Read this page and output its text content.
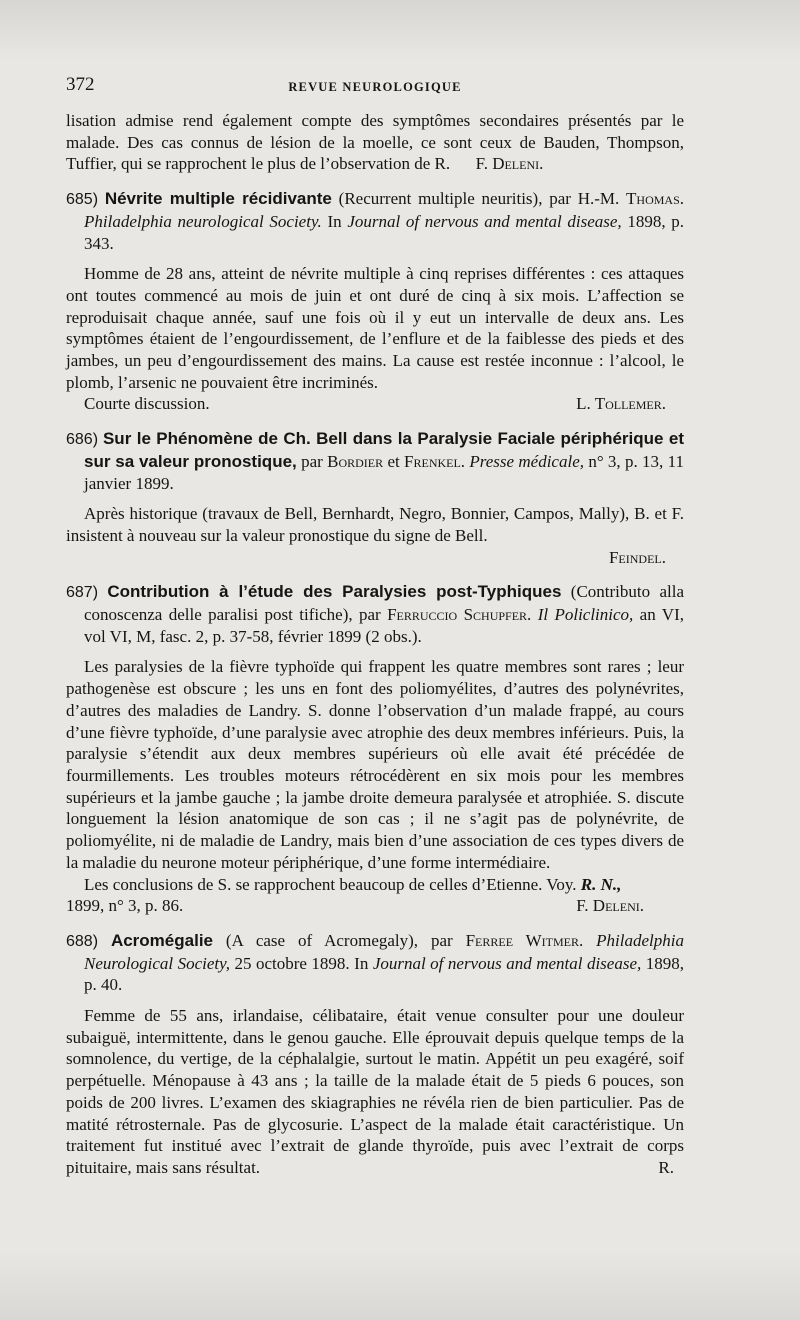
372	REVUE NEUROLOGIQUE

lisation admise rend également compte des symptômes secondaires présentés par le malade. Des cas connus de lésion de la moelle, ce sont ceux de Bauden, Thompson, Tuffier, qui se rapprochent le plus de l’observation de R. F. Deleni.

685) Névrite multiple récidivante (Recurrent multiple neuritis), par H.-M. Thomas. Philadelphia neurological Society. In Journal of nervous and mental disease, 1898, p. 343.

Homme de 28 ans, atteint de névrite multiple à cinq reprises différentes : ces attaques ont toutes commencé au mois de juin et ont duré de cinq à six mois. L’affection se reproduisait chaque année, sauf une fois où il y eut un intervalle de deux ans. Les symptômes étaient de l’engourdissement, de l’enflure et de la faiblesse des pieds et des jambes, un peu d’engourdissement des mains. La cause est restée inconnue : l’alcool, le plomb, l’arsenic ne pouvaient être incriminés.

Courte discussion.	L. Tollemer.

686) Sur le Phénomène de Ch. Bell dans la Paralysie Faciale périphérique et sur sa valeur pronostique, par Bordier et Frenkel. Presse médicale, n° 3, p. 13, 11 janvier 1899.

Après historique (travaux de Bell, Bernhardt, Negro, Bonnier, Campos, Mally), B. et F. insistent à nouveau sur la valeur pronostique du signe de Bell.

Feindel.

687) Contribution à l’étude des Paralysies post-Typhiques (Contributo alla conoscenza delle paralisi post tifiche), par Ferruccio Schupfer. Il Policlinico, an VI, vol VI, M, fasc. 2, p. 37-58, février 1899 (2 obs.).

Les paralysies de la fièvre typhoïde qui frappent les quatre membres sont rares ; leur pathogenèse est obscure ; les uns en font des poliomyélites, d’autres des polynévrites, d’autres des maladies de Landry. S. donne l’observation d’un malade frappé, au cours d’une fièvre typhoïde, d’une paralysie avec atrophie des deux membres inférieurs. Puis, la paralysie s’étendit aux deux membres supérieurs où elle avait été précédée de fourmillements. Les troubles moteurs rétrocédèrent en six mois pour les membres supérieurs et la jambe gauche ; la jambe droite demeura paralysée et atrophiée. S. discute longuement la lésion anatomique de son cas ; il ne s’agit pas de polynévrite, de poliomyélite, ni de maladie de Landry, mais bien d’une association de ces types divers de la maladie du neurone moteur périphérique, d’une forme intermédiaire.

Les conclusions de S. se rapprochent beaucoup de celles d’Etienne. Voy. R. N.,

1899, n° 3, p. 86.	F. Deleni.

688) Acromégalie (A case of Acromegaly), par Ferree Witmer. Philadelphia Neurological Society, 25 octobre 1898. In Journal of nervous and mental disease, 1898, p. 40.

Femme de 55 ans, irlandaise, célibataire, était venue consulter pour une douleur subaiguë, intermittente, dans le genou gauche. Elle éprouvait depuis quelque temps de la somnolence, du vertige, de la céphalalgie, surtout le matin. Appétit un peu exagéré, soif perpétuelle. Ménopause à 43 ans ; la taille de la malade était de 5 pieds 6 pouces, son poids de 200 livres. L’examen des skiagraphies ne révéla rien de bien particulier. Pas de matité rétrosternale. Pas de glycosurie. L’aspect de la malade était caractéristique. Un traitement fut institué avec l’extrait de glande thyroïde, puis avec l’extrait de corps pituitaire, mais sans résultat.	R.
